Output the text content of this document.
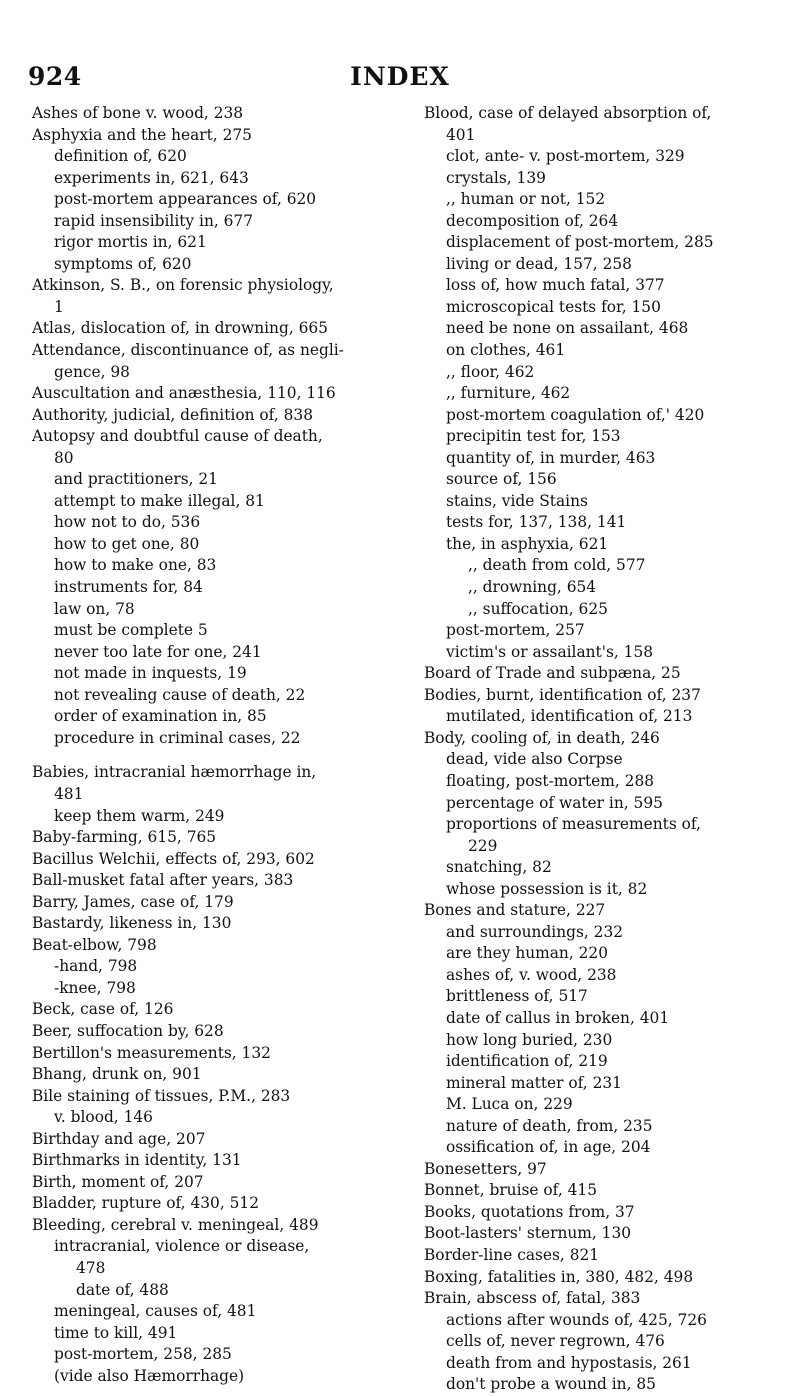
924	INDEX
Ashes of bone v. wood, 238
Asphyxia and the heart, 275
definition of, 620
experiments in, 621, 643
post-mortem appearances of, 620
rapid insensibility in, 677
rigor mortis in, 621
symptoms of, 620
Atkinson, S. B., on forensic physiology,
1
Atlas, dislocation of, in drowning, 665
Attendance, discontinuance of, as negli-
gence, 98
Auscultation and anæsthesia, 110, 116
Authority, judicial, definition of, 838
Autopsy and doubtful cause of death,
80
and practitioners, 21
attempt to make illegal, 81
how not to do, 536
how to get one, 80
how to make one, 83
instruments for, 84
law on, 78
must be complete 5
never too late for one, 241
not made in inquests, 19
not revealing cause of death, 22
order of examination in, 85
procedure in criminal cases, 22
Babies, intracranial hæmorrhage in,
481
keep them warm, 249
Baby-farming, 615, 765
Bacillus Welchii, effects of, 293, 602
Ball-musket fatal after years, 383
Barry, James, case of, 179
Bastardy, likeness in, 130
Beat-elbow, 798
-hand, 798
-knee, 798
Beck, case of, 126
Beer, suffocation by, 628
Bertillon's measurements, 132
Bhang, drunk on, 901
Bile staining of tissues, P.M., 283
v. blood, 146
Birthday and age, 207
Birthmarks in identity, 131
Birth, moment of, 207
Bladder, rupture of, 430, 512
Bleeding, cerebral v. meningeal, 489
intracranial, violence or disease,
478
date of, 488
meningeal, causes of, 481
time to kill, 491
post-mortem, 258, 285
(vide also Hæmorrhage)
Blood, case of delayed absorption of,
401
clot, ante- v. post-mortem, 329
crystals, 139
,, human or not, 152
decomposition of, 264
displacement of post-mortem, 285
living or dead, 157, 258
loss of, how much fatal, 377
microscopical tests for, 150
need be none on assailant, 468
on clothes, 461
,, floor, 462
,, furniture, 462
post-mortem coagulation of,' 420
precipitin test for, 153
quantity of, in murder, 463
source of, 156
stains, vide Stains
tests for, 137, 138, 141
the, in asphyxia, 621
,, death from cold, 577
,, drowning, 654
,, suffocation, 625
post-mortem, 257
victim's or assailant's, 158
Board of Trade and subpæna, 25
Bodies, burnt, identification of, 237
mutilated, identification of, 213
Body, cooling of, in death, 246
dead, vide also Corpse
floating, post-mortem, 288
percentage of water in, 595
proportions of measurements of,
229
snatching, 82
whose possession is it, 82
Bones and stature, 227
and surroundings, 232
are they human, 220
ashes of, v. wood, 238
brittleness of, 517
date of callus in broken, 401
how long buried, 230
identification of, 219
mineral matter of, 231
M. Luca on, 229
nature of death, from, 235
ossification of, in age, 204
Bonesetters, 97
Bonnet, bruise of, 415
Books, quotations from, 37
Boot-lasters' sternum, 130
Border-line cases, 821
Boxing, fatalities in, 380, 482, 498
Brain, abscess of, fatal, 383
actions after wounds of, 425, 726
cells of, never regrown, 476
death from and hypostasis, 261
don't probe a wound in, 85
